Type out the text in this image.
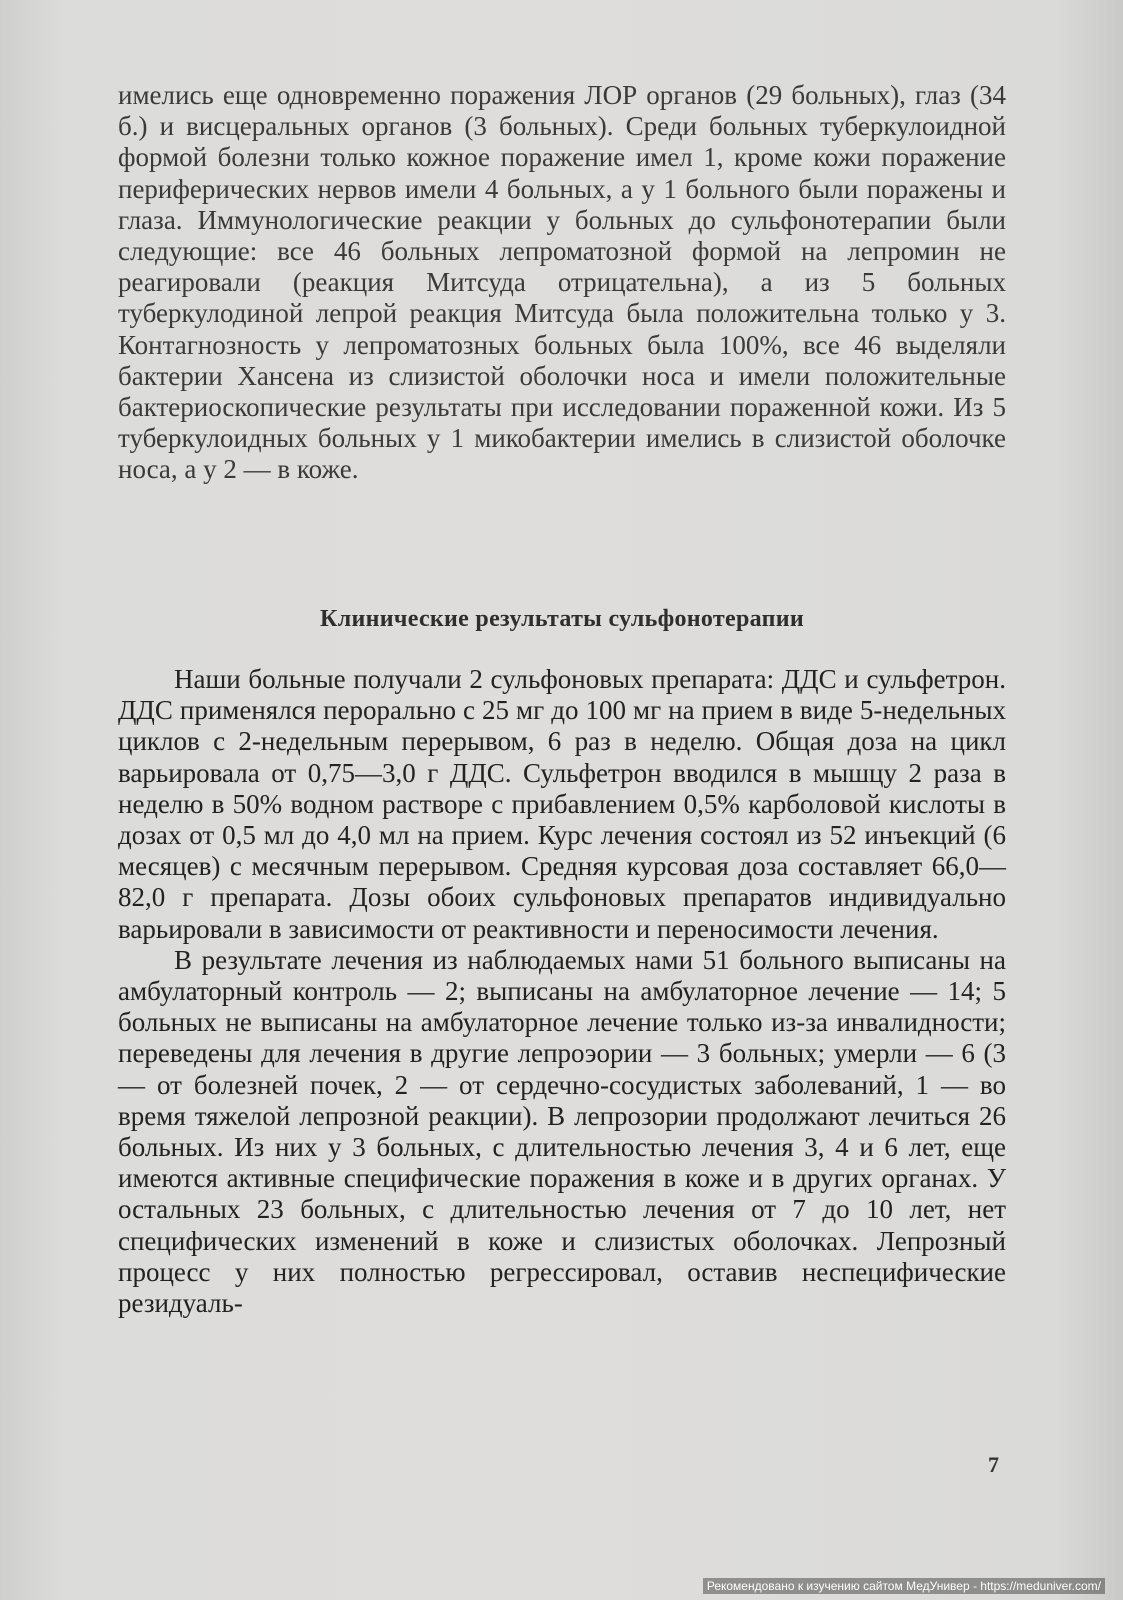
имелись еще одновременно поражения ЛОР органов (29 больных), глаз (34 б.) и висцеральных органов (3 больных). Среди больных туберкулоидной формой болезни только кожное поражение имел 1, кроме кожи поражение периферических нервов имели 4 больных, а у 1 больного были поражены и глаза. Иммунологические реакции у больных до сульфонотерапии были следующие: все 46 больных лепроматозной формой на лепромин не реагировали (реакция Митсуда отрицательна), а из 5 больных туберкулодиной лепрой реакция Митсуда была положительна только у 3. Контагнозность у лепроматозных больных была 100%, все 46 выделяли бактерии Хансена из слизистой оболочки носа и имели положительные бактериоскопические результаты при исследовании пораженной кожи. Из 5 туберкулоидных больных у 1 микобактерии имелись в слизистой оболочке носа, а у 2 — в коже.

Клинические результаты сульфонотерапии

Наши больные получали 2 сульфоновых препарата: ДДС и сульфетрон. ДДС применялся перорально с 25 мг до 100 мг на прием в виде 5-недельных циклов с 2-недельным перерывом, 6 раз в неделю. Общая доза на цикл варьировала от 0,75—3,0 г ДДС. Сульфетрон вводился в мышцу 2 раза в неделю в 50% водном растворе с прибавлением 0,5% карболовой кислоты в дозах от 0,5 мл до 4,0 мл на прием. Курс лечения состоял из 52 инъекций (6 месяцев) с месячным перерывом. Средняя курсовая доза составляет 66,0—82,0 г препарата. Дозы обоих сульфоновых препаратов индивидуально варьировали в зависимости от реактивности и переносимости лечения.

В результате лечения из наблюдаемых нами 51 больного выписаны на амбулаторный контроль — 2; выписаны на амбулаторное лечение — 14; 5 больных не выписаны на амбулаторное лечение только из-за инвалидности; переведены для лечения в другие лепроэории — 3 больных; умерли — 6 (3 — от болезней почек, 2 — от сердечно-сосудистых заболеваний, 1 — во время тяжелой лепрозной реакции). В лепрозории продолжают лечиться 26 больных. Из них у 3 больных, с длительностью лечения 3, 4 и 6 лет, еще имеются активные специфические поражения в коже и в других органах. У остальных 23 больных, с длительностью лечения от 7 до 10 лет, нет специфических изменений в коже и слизистых оболочках. Лепрозный процесс у них полностью регрессировал, оставив неспецифические резидуаль-

7
Рекомендовано к изучению сайтом МедУнивер - https://meduniver.com/
